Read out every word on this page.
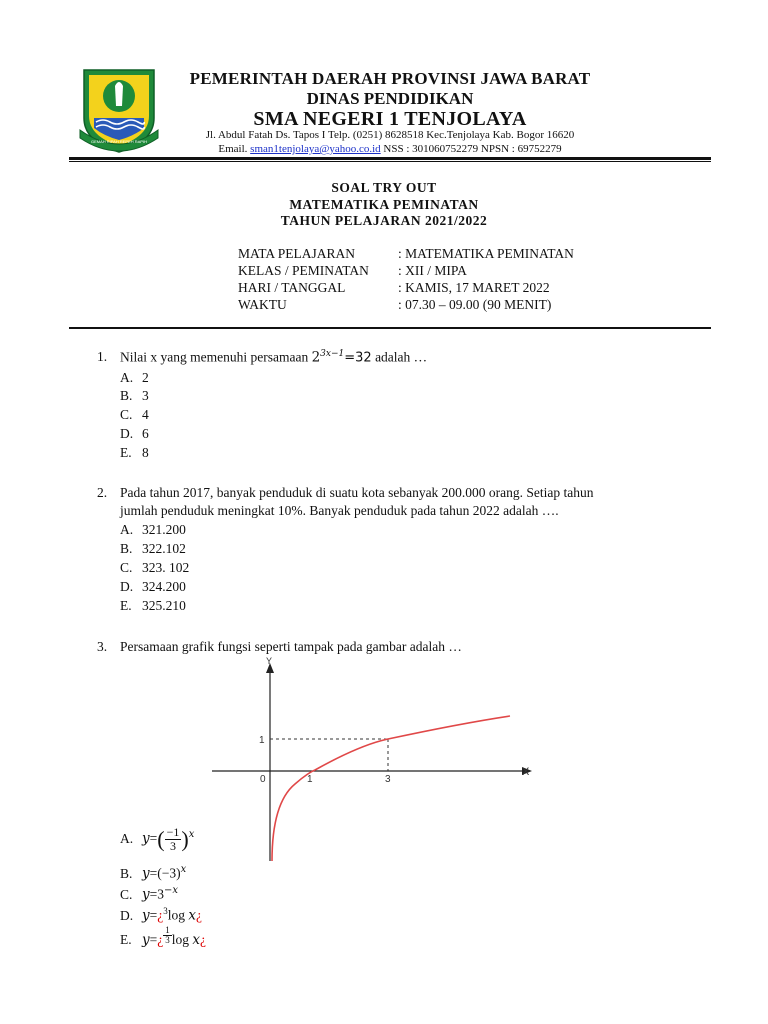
GEMAH RIPAH REPEH RAPIH
PEMERINTAH DAERAH PROVINSI JAWA BARAT
DINAS PENDIDIKAN
SMA NEGERI 1 TENJOLAYA
Jl. Abdul Fatah Ds. Tapos I Telp. (0251) 8628518 Kec.Tenjolaya Kab. Bogor 16620
Email. sman1tenjolaya@yahoo.co.id NSS : 301060752279 NPSN : 69752279
SOAL TRY OUT
MATEMATIKA PEMINATAN
TAHUN PELAJARAN 2021/2022
MATA PELAJARAN	: MATEMATIKA PEMINATAN
KELAS / PEMINATAN : XII / MIPA
HARI / TANGGAL	: KAMIS, 17 MARET 2022
WAKTU	: 07.30 – 09.00 (90 MENIT)
1. Nilai x yang memenuhi persamaan $2^{3x-1}=32$ adalah …
A. 2
B. 3
C. 4
D. 6
E. 8
2. Pada tahun 2017, banyak penduduk di suatu kota sebanyak 200.000 orang. Setiap tahun
jumlah penduduk meningkat 10%. Banyak penduduk pada tahun 2022 adalah ….
A. 321.200
B. 322.102
C. 323. 102
D. 324.200
E. 325.210
3. Persamaan grafik fungsi seperti tampak pada gambar adalah …
Y
X
0	1	3
1
A. $y=( \frac{-1}{3} )^x$
B. $y=(-3)^x$
C. $y=3^{-x}$
D. y=¿$^3$log x¿
E. y=¿ $\frac{1}{3}$ log x¿
